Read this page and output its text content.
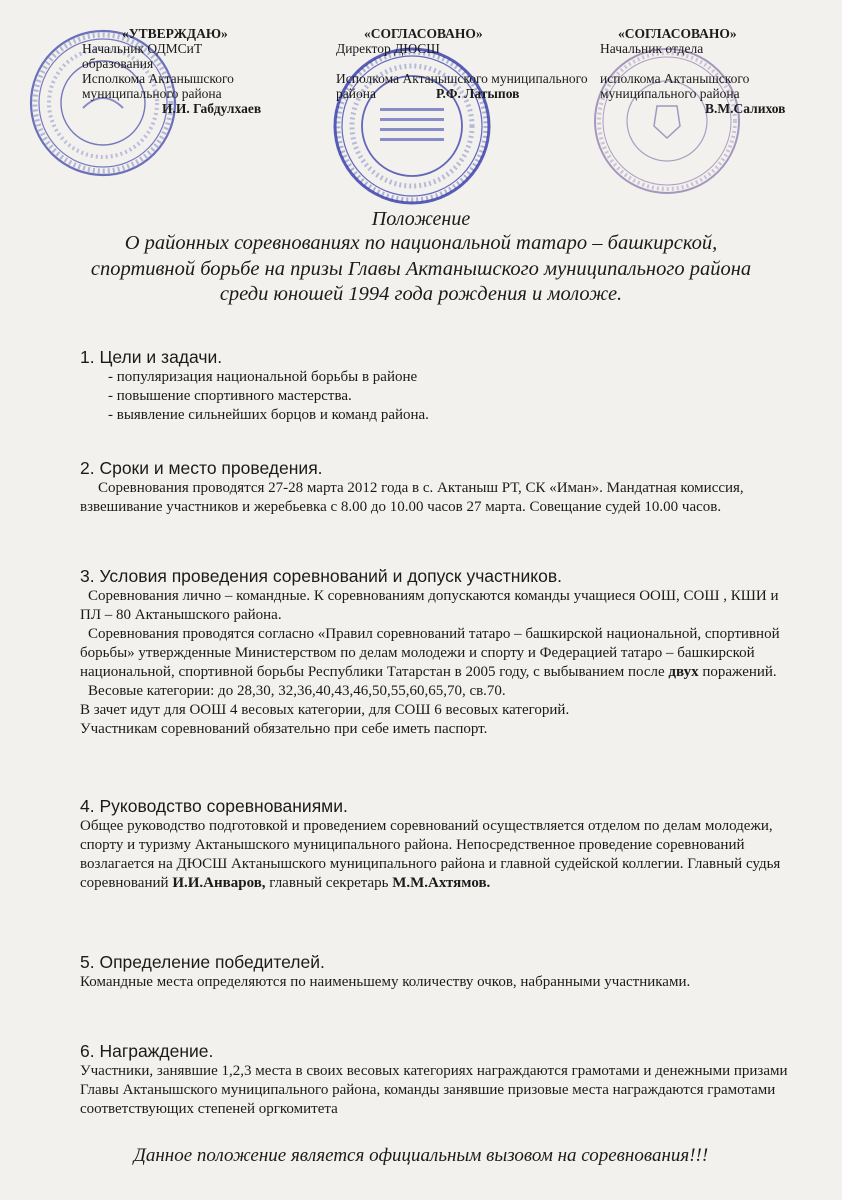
«УТВЕРЖДАЮ»
Начальник ОДМСиТ
образования
Исполкома Актанышского
муниципального района
И.И. Габдулхаев
«СОГЛАСОВАНО»
Директор ДЮСШ
Исполкома Актанышского муниципального
района	Р.Ф. Латыпов
«СОГЛАСОВАНО»
Начальник отдела
исполкома Актанышского
муниципального района
В.М.Салихов
Положение
О районных соревнованиях по национальной татаро – башкирской,
спортивной борьбе на призы Главы Актанышского муниципального района
среди юношей 1994 года рождения и моложе.
1. Цели и задачи.
- популяризация национальной борьбы в районе
- повышение спортивного мастерства.
- выявление сильнейших борцов и команд района.
2. Сроки и место проведения.

Соревнования проводятся 27-28 марта 2012 года в с. Актаныш РТ, СК «Иман». Мандатная комиссия, взвешивание участников и жеребьевка с 8.00 до 10.00 часов 27 марта. Совещание судей 10.00 часов.

3. Условия проведения соревнований и допуск участников.

Соревнования лично – командные. К соревнованиям допускаются команды учащиеся ООШ, СОШ , КШИ и ПЛ – 80 Актанышского района.

Соревнования проводятся согласно «Правил соревнований татаро – башкирской национальной, спортивной борьбы» утвержденные Министерством по делам молодежи и спорту и Федерацией татаро – башкирской национальной, спортивной борьбы Республики Татарстан в 2005 году, с выбыванием после двух поражений.

Весовые категории: до 28,30, 32,36,40,43,46,50,55,60,65,70, св.70.

В зачет идут для ООШ 4 весовых категории, для СОШ 6 весовых категорий.

Участникам соревнований обязательно при себе иметь паспорт.

4. Руководство соревнованиями.

Общее руководство подготовкой и проведением соревнований осуществляется отделом по делам молодежи, спорту и туризму Актанышского муниципального района. Непосредственное проведение соревнований возлагается на ДЮСШ Актанышского муниципального района и главной судейской коллегии. Главный судья соревнований И.И.Анваров, главный секретарь М.М.Ахтямов.

5. Определение победителей.

Командные места определяются по наименьшему количеству очков, набранными участниками.

6. Награждение.

Участники, занявшие 1,2,3 места в своих весовых категориях награждаются грамотами и денежными призами Главы Актанышского муниципального района, команды занявшие призовые места награждаются грамотами соответствующих степеней оргкомитета

Данное положение является официальным вызовом на соревнования!!!
